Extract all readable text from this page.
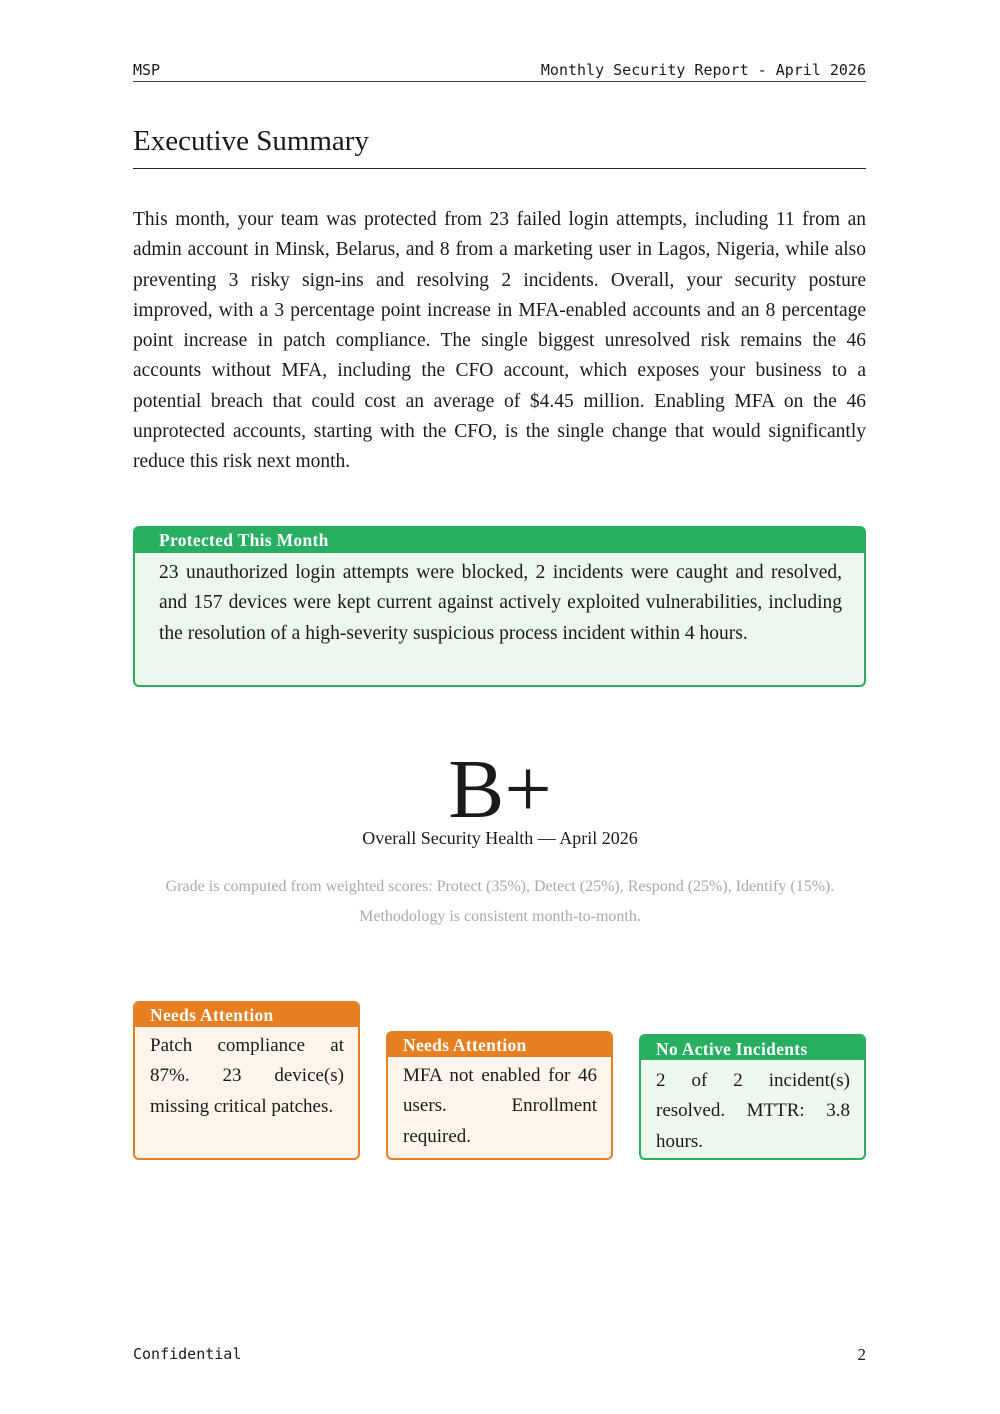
MSP	Monthly Security Report - April 2026
Executive Summary

This month, your team was protected from 23 failed login attempts, including 11 from an admin account in Minsk, Belarus, and 8 from a marketing user in Lagos, Nigeria, while also preventing 3 risky sign-ins and resolving 2 incidents. Overall, your security posture improved, with a 3 percentage point increase in MFA-enabled accounts and an 8 percentage point increase in patch compliance. The single biggest unresolved risk remains the 46 accounts without MFA, including the CFO account, which exposes your business to a potential breach that could cost an average of $4.45 million. Enabling MFA on the 46 unprotected accounts, starting with the CFO, is the single change that would significantly reduce this risk next month.

Protected This Month
23 unauthorized login attempts were blocked, 2 incidents were caught and resolved, and 157 devices were kept current against actively exploited vulnerabilities, including the resolution of a high-severity suspicious process incident within 4 hours.
B+
Overall Security Health — April 2026
Grade is computed from weighted scores: Protect (35%), Detect (25%), Respond (25%), Identify (15%). Methodology is consistent month-to-month.
Needs Attention
Patch compliance at 87%. 23 device(s) missing critical patches.
Needs Attention
MFA not enabled for 46 users. Enrollment required.
No Active Incidents
2 of 2 incident(s) resolved. MTTR: 3.8 hours.
Confidential	2
